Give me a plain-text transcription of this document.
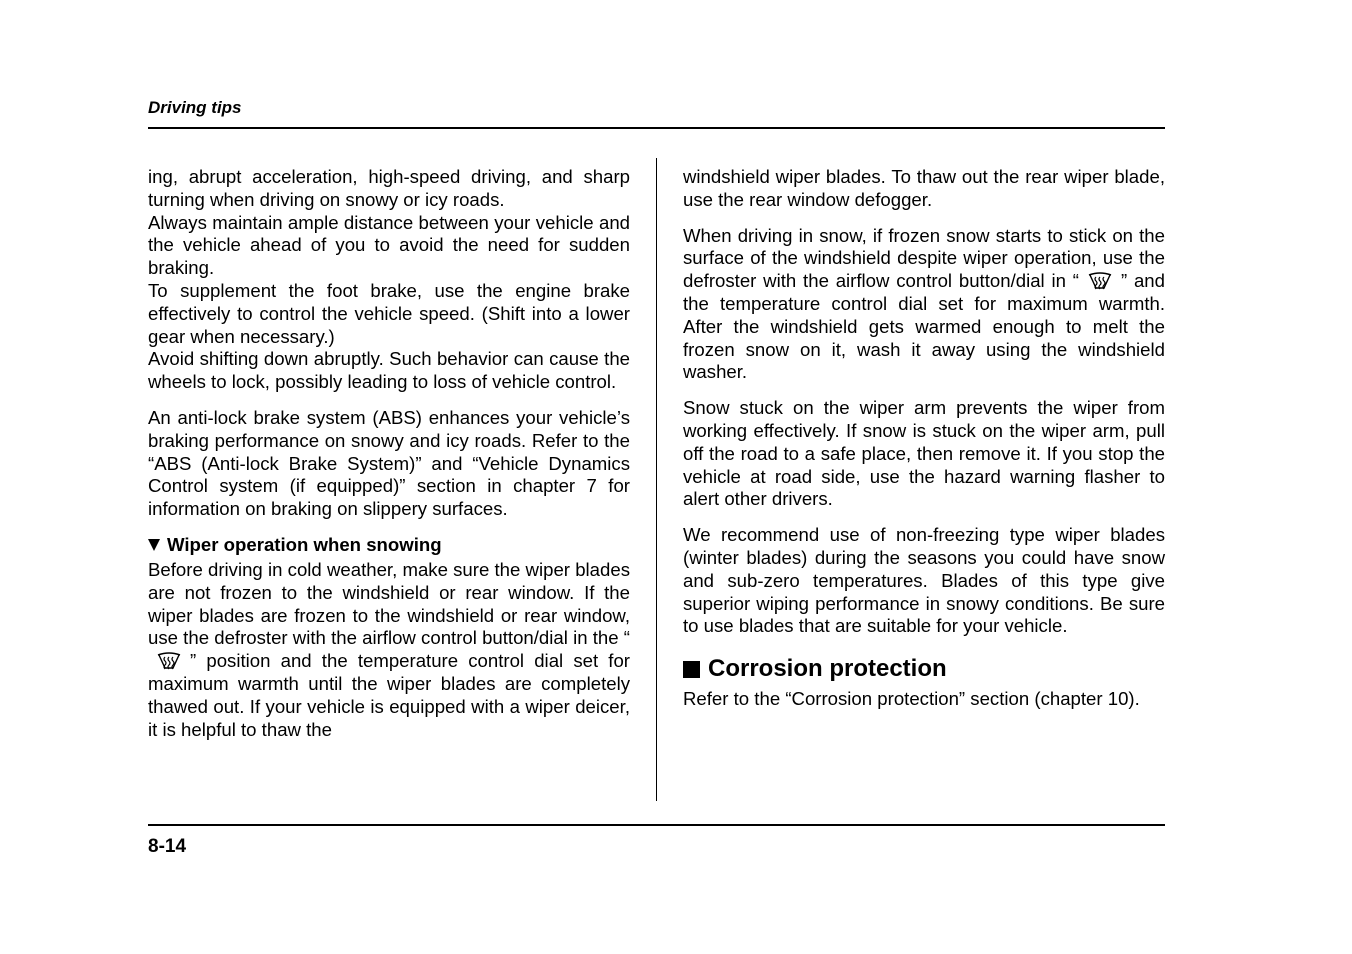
Driving tips

ing, abrupt acceleration, high-speed driving, and sharp turning when driving on snowy or icy roads.

Always maintain ample distance between your vehicle and the vehicle ahead of you to avoid the need for sudden braking.

To supplement the foot brake, use the engine brake effectively to control the vehicle speed. (Shift into a lower gear when necessary.)

Avoid shifting down abruptly. Such behavior can cause the wheels to lock, possibly leading to loss of vehicle control.

An anti-lock brake system (ABS) enhances your vehicle’s braking performance on snowy and icy roads. Refer to the “ABS (Anti-lock Brake System)” and “Vehicle Dynamics Control system (if equipped)” section in chapter 7 for information on braking on slippery surfaces.

Wiper operation when snowing

Before driving in cold weather, make sure the wiper blades are not frozen to the windshield or rear window. If the wiper blades are frozen to the windshield or rear window, use the defroster with the airflow control button/dial in the “” position and the temperature control dial set for maximum warmth until the wiper blades are completely thawed out. If your vehicle is equipped with a wiper deicer, it is helpful to thaw the

windshield wiper blades. To thaw out the rear wiper blade, use the rear window defogger.

When driving in snow, if frozen snow starts to stick on the surface of the windshield despite wiper operation, use the defroster with the airflow control button/dial in “ ” and the temperature control dial set for maximum warmth. After the windshield gets warmed enough to melt the frozen snow on it, wash it away using the windshield washer.

Snow stuck on the wiper arm prevents the wiper from working effectively. If snow is stuck on the wiper arm, pull off the road to a safe place, then remove it. If you stop the vehicle at road side, use the hazard warning flasher to alert other drivers.

We recommend use of non-freezing type wiper blades (winter blades) during the seasons you could have snow and sub-zero temperatures. Blades of this type give superior wiping performance in snowy conditions. Be sure to use blades that are suitable for your vehicle.

Corrosion protection

Refer to the “Corrosion protection” section (chapter 10).

8-14
